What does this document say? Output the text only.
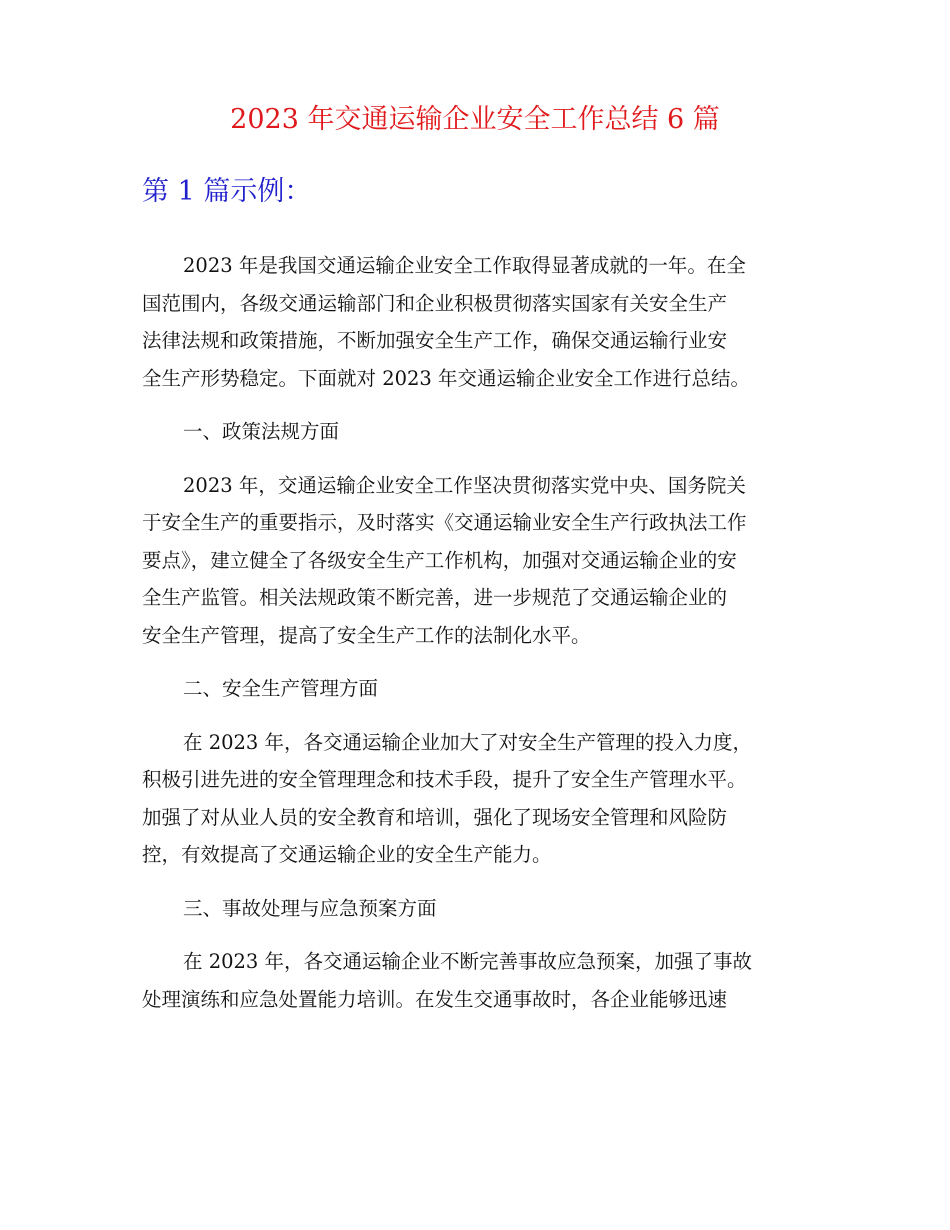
2023 年交通运输企业安全工作总结 6 篇
第 1 篇示例：
2023 年是我国交通运输企业安全工作取得显著成就的一年。在全
国范围内，各级交通运输部门和企业积极贯彻落实国家有关安全生产
法律法规和政策措施，不断加强安全生产工作，确保交通运输行业安
全生产形势稳定。下面就对 2023 年交通运输企业安全工作进行总结。
一、政策法规方面
2023 年，交通运输企业安全工作坚决贯彻落实党中央、国务院关
于安全生产的重要指示，及时落实《交通运输业安全生产行政执法工作
要点》，建立健全了各级安全生产工作机构，加强对交通运输企业的安
全生产监管。相关法规政策不断完善，进一步规范了交通运输企业的
安全生产管理，提高了安全生产工作的法制化水平。
二、安全生产管理方面
在 2023 年，各交通运输企业加大了对安全生产管理的投入力度，
积极引进先进的安全管理理念和技术手段，提升了安全生产管理水平。
加强了对从业人员的安全教育和培训，强化了现场安全管理和风险防
控，有效提高了交通运输企业的安全生产能力。
三、事故处理与应急预案方面
在 2023 年，各交通运输企业不断完善事故应急预案，加强了事故
处理演练和应急处置能力培训。在发生交通事故时，各企业能够迅速
